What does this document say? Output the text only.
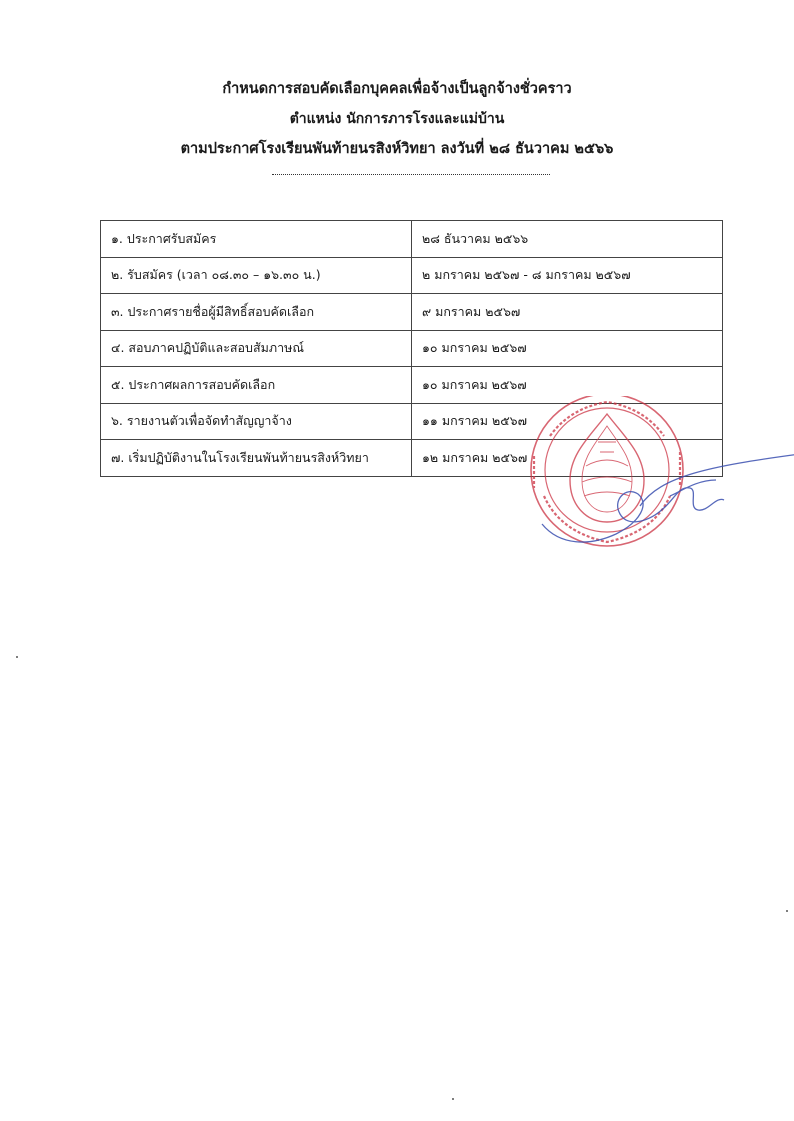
กำหนดการสอบคัดเลือกบุคคลเพื่อจ้างเป็นลูกจ้างชั่วคราว
ตำแหน่ง นักการภารโรงและแม่บ้าน
ตามประกาศโรงเรียนพันท้ายนรสิงห์วิทยา ลงวันที่ ๒๘ ธันวาคม ๒๕๖๖
๑. ประกาศรับสมัคร	๒๘ ธันวาคม ๒๕๖๖
๒. รับสมัคร (เวลา ๐๘.๓๐ – ๑๖.๓๐ น.)	๒ มกราคม ๒๕๖๗ - ๘ มกราคม ๒๕๖๗
๓. ประกาศรายชื่อผู้มีสิทธิ์สอบคัดเลือก	๙ มกราคม ๒๕๖๗
๔. สอบภาคปฏิบัติและสอบสัมภาษณ์	๑๐ มกราคม ๒๕๖๗
๕. ประกาศผลการสอบคัดเลือก	๑๐ มกราคม ๒๕๖๗
๖. รายงานตัวเพื่อจัดทำสัญญาจ้าง	๑๑ มกราคม ๒๕๖๗
๗. เริ่มปฏิบัติงานในโรงเรียนพันท้ายนรสิงห์วิทยา	๑๒ มกราคม ๒๕๖๗
